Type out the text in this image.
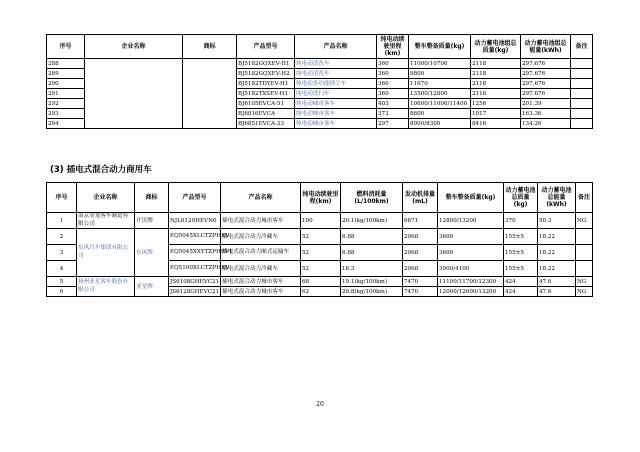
序号	企业名称	商标	产品型号	产品名称	纯电动续驶里程(km)	整车整备质量(kg)	动力蓄电池组总质量(kg)	动力蓄电池组总能量(kWh)	备注
288			BJ5182GQXEV-H1	纯电动清洗车	360	11000/10700	2118	297.676	
289			BJ5182GQXEV-H2	纯电动清洗车	360	9800	2118	297.676	
290			BJ5182TDYEV-H1	纯电动多功能抑尘车	360	11670	2118	297.676	
291			BJ5182TXSEV-H1	纯电动洗扫车	360	13500/12800	2118	297.676	
292			BJ6105EVCA-51	纯电动城市客车	403	10600/11000/11400	1256	201.39	
293			BJ6816EVCA	纯电动城市客车	373	8600	1017	163.36	
294			BJ6851EVCA-33	纯电动城市客车	297	8000/8300	8416	134.26	
(3) 插电式混合动力商用车
序号	企业名称	商标	产品型号	产品名称	纯电动续驶里程(km)	燃料消耗量(L/100km)	发动机排量(mL)	整车整备质量(kg)	动力蓄电池总质量(kg)	动力蓄电池总能量(kWh)	备注
1	南京金龙客车制造有限公司	开沃牌	NJL6129HEVN6	插电式混合动力城市客车	100	20.1(kg/100km)	6871	12800/13200	370	50.3	NG
2	东风汽车集团有限公司	东风牌	EQ5045XLCTZPHEV	插电式混合动力冷藏车	52	6.88	2968	3600	155±5	18.22	
3			EQ5045XXYTZPHEV1	插电式混合动力厢式运输车	52	6.88	2968	3600	155±5	18.22	
4			EQ5100XLCTZPHEV	插电式混合动力冷藏车	52	18.3	2968	3900/4100	155±5	18.22	
5	扬州亚星客车股份有限公司	亚星牌	JS6108GHEVC21	插电式混合动力城市客车	68	19.1(kg/100km)	7470	11100/11700/12300	424	47.6	NG
6			JS6128GHEVC21	插电式混合动力城市客车	62	20.8(kg/100km)	7470	12000/12600/13200	424	47.6	NG
20
